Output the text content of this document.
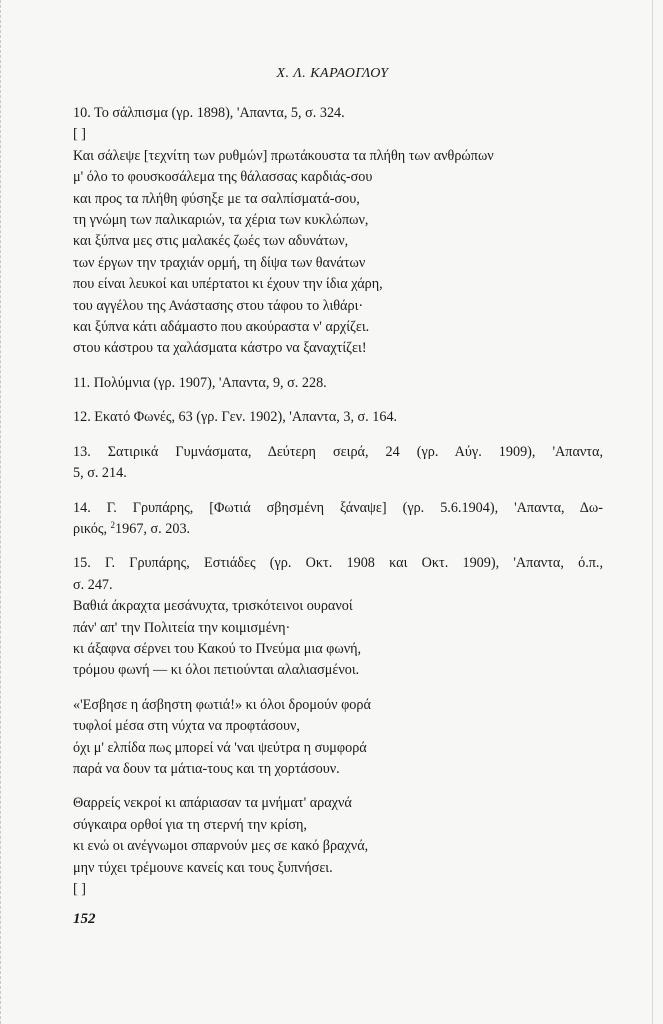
Χ. Λ. ΚΑΡΑΟΓΛΟΥ
10. Το σάλπισμα (γρ. 1898), 'Απαντα, 5, σ. 324.
[ ]
Και σάλεψε [τεχνίτη των ρυθμών] πρωτάκουστα τα πλήθη των ανθρώπων
μ' όλο το φουσκοσάλεμα της θάλασσας καρδιάς-σου
και προς τα πλήθη φύσηξε με τα σαλπίσματά-σου,
τη γνώμη των παλικαριών, τα χέρια των κυκλώπων,
και ξύπνα μες στις μαλακές ζωές των αδυνάτων,
των έργων την τραχιάν ορμή, τη δίψα των θανάτων
που είναι λευκοί και υπέρτατοι κι έχουν την ίδια χάρη,
του αγγέλου της Ανάστασης στου τάφου το λιθάρι·
και ξύπνα κάτι αδάμαστο που ακούραστα ν' αρχίζει.
στου κάστρου τα χαλάσματα κάστρο να ξαναχτίζει!
11. Πολύμνια (γρ. 1907), 'Απαντα, 9, σ. 228.
12. Εκατό Φωνές, 63 (γρ. Γεν. 1902), 'Απαντα, 3, σ. 164.
13. Σατιρικά Γυμνάσματα, Δεύτερη σειρά, 24 (γρ. Αύγ. 1909), 'Απαντα,
5, σ. 214.
14. Γ. Γρυπάρης, [Φωτιά σβησμένη ξάναψε] (γρ. 5.6.1904), 'Απαντα, Δω-
ρικός, $^2$1967, σ. 203.
15. Γ. Γρυπάρης, Εστιάδες (γρ. Οκτ. 1908 και Οκτ. 1909), 'Απαντα, ό.π.,
σ. 247.
Βαθιά άκραχτα μεσάνυχτα, τρισκότεινοι ουρανοί
πάν' απ' την Πολιτεία την κοιμισμένη·
κι άξαφνα σέρνει του Κακού το Πνεύμα μια φωνή,
τρόμου φωνή — κι όλοι πετιούνται αλαλιασμένοι.
«'Εσβησε η άσβηστη φωτιά!» κι όλοι δρομούν φορά
τυφλοί μέσα στη νύχτα να προφτάσουν,
όχι μ' ελπίδα πως μπορεί νά 'ναι ψεύτρα η συμφορά
παρά να δουν τα μάτια-τους και τη χορτάσουν.
Θαρρείς νεκροί κι απάριασαν τα μνήματ' αραχνά
σύγκαιρα ορθοί για τη στερνή την κρίση,
κι ενώ οι ανέγνωμοι σπαρνούν μες σε κακό βραχνά,
μην τύχει τρέμουνε κανείς και τους ξυπνήσει.
[ ]
152
